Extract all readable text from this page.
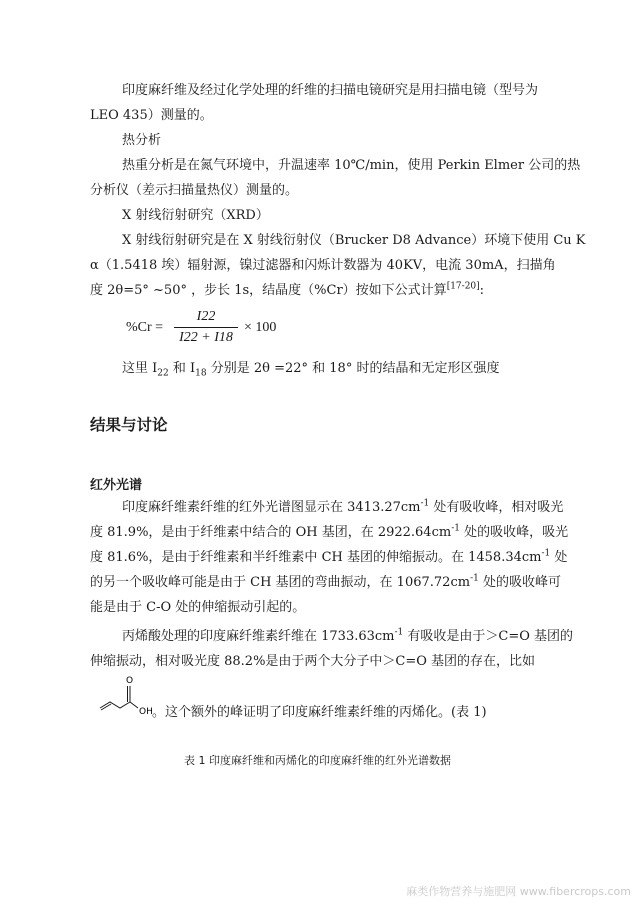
印度麻纤维及经过化学处理的纤维的扫描电镜研究是用扫描电镜（型号为
LEO 435）测量的。
热分析
热重分析是在氮气环境中，升温速率 10℃/min，使用 Perkin Elmer 公司的热
分析仪（差示扫描量热仪）测量的。
X 射线衍射研究（XRD）
X 射线衍射研究是在 X 射线衍射仪（Brucker D8 Advance）环境下使用 Cu K
α（1.5418 埃）辐射源，镍过滤器和闪烁计数器为 40KV，电流 30mA，扫描角
度 2θ=5° ~50° ，步长 1s，结晶度（%Cr）按如下公式计算[17-20]:
%Cr =
I22
I22 + I18
× 100
这里 $I_{22}$ 和 $I_{18}$ 分别是 2θ =22° 和 18° 时的结晶和无定形区强度
结果与讨论
红外光谱
印度麻纤维素纤维的红外光谱图显示在 $3413.27cm^{-1}$ 处有吸收峰，相对吸光
度 81.9%，是由于纤维素中结合的 OH 基团，在 $2922.64cm^{-1}$ 处的吸收峰，吸光
度 81.6%，是由于纤维素和半纤维素中 CH 基团的伸缩振动。在 $1458.34cm^{-1}$ 处
的另一个吸收峰可能是由于 CH 基团的弯曲振动，在 $1067.72cm^{-1}$ 处的吸收峰可
能是由于 C-O 处的伸缩振动引起的。
丙烯酸处理的印度麻纤维素纤维在 $1733.63cm^{-1}$ 有吸收是由于＞C=O 基团的
伸缩振动，相对吸光度 88.2%是由于两个大分子中＞C=O 基团的存在，比如
O
OH 。这个额外的峰证明了印度麻纤维素纤维的丙烯化。(表 1)
表 1 印度麻纤维和丙烯化的印度麻纤维的红外光谱数据
麻类作物营养与施肥网 www.fibercrops.com
